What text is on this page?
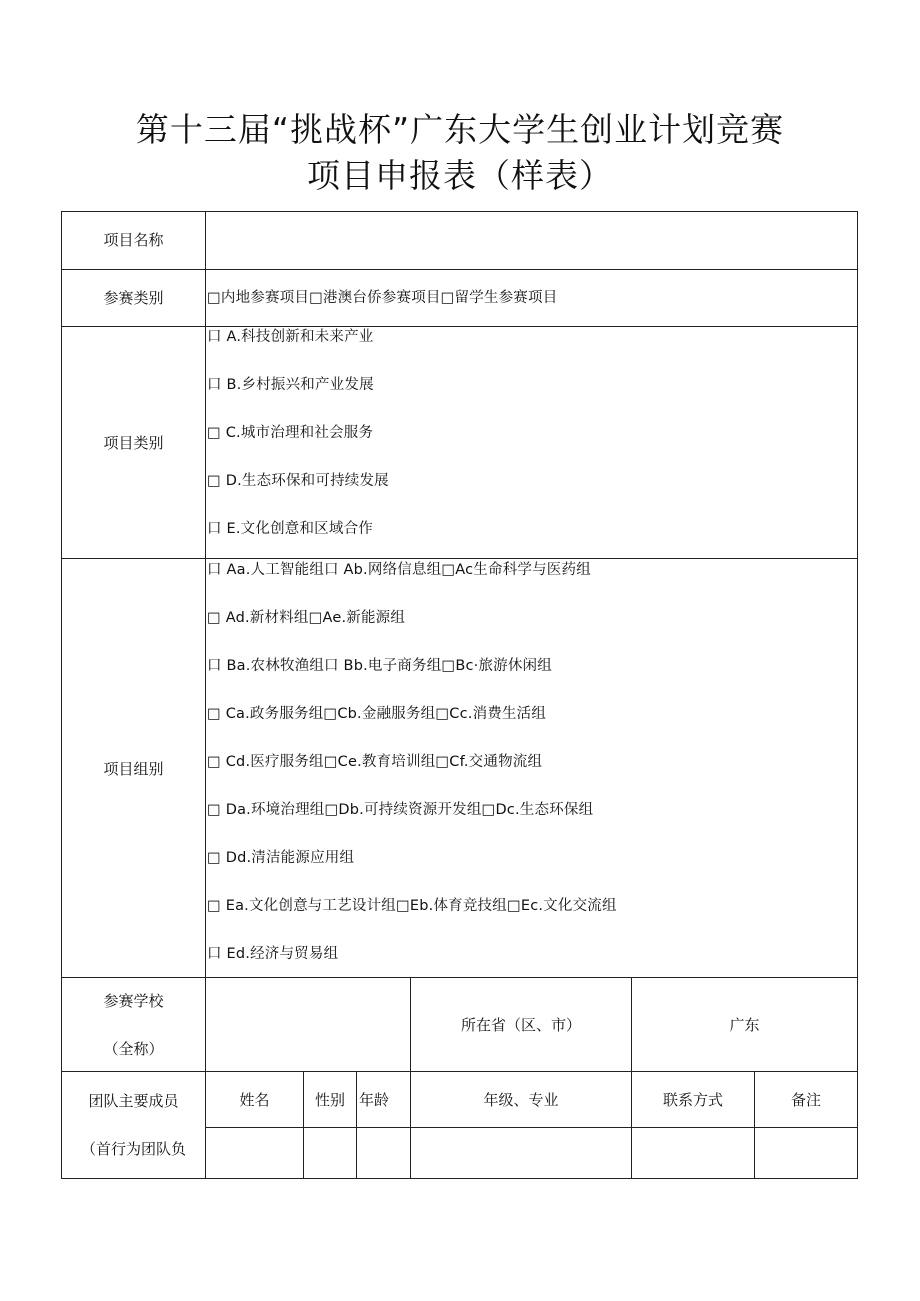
第十三届“挑战杯”广东大学生创业计划竞赛
项目申报表（样表）
项目名称
参赛类别	□内地参赛项目□港澳台侨参赛项目□留学生参赛项目
项目类别
口 A.科技创新和未来产业
口 B.乡村振兴和产业发展
□ C.城市治理和社会服务
□ D.生态环保和可持续发展
口 E.文化创意和区域合作
项目组别
口 Aa.人工智能组口 Ab.网络信息组□Ac生命科学与医药组
□ Ad.新材料组□Ae.新能源组
口 Ba.农林牧渔组口 Bb.电子商务组□Bc·旅游休闲组
□ Ca.政务服务组□Cb.金融服务组□Cc.消费生活组
□ Cd.医疗服务组□Ce.教育培训组□Cf.交通物流组
□ Da.环境治理组□Db.可持续资源开发组□Dc.生态环保组
□ Dd.清洁能源应用组
□ Ea.文化创意与工艺设计组□Eb.体育竞技组□Ec.文化交流组
口 Ed.经济与贸易组
参赛学校
（全称）
所在省（区、市）	广东
团队主要成员
（首行为团队负
姓名	性别 年龄	年级、专业	联系方式	备注
